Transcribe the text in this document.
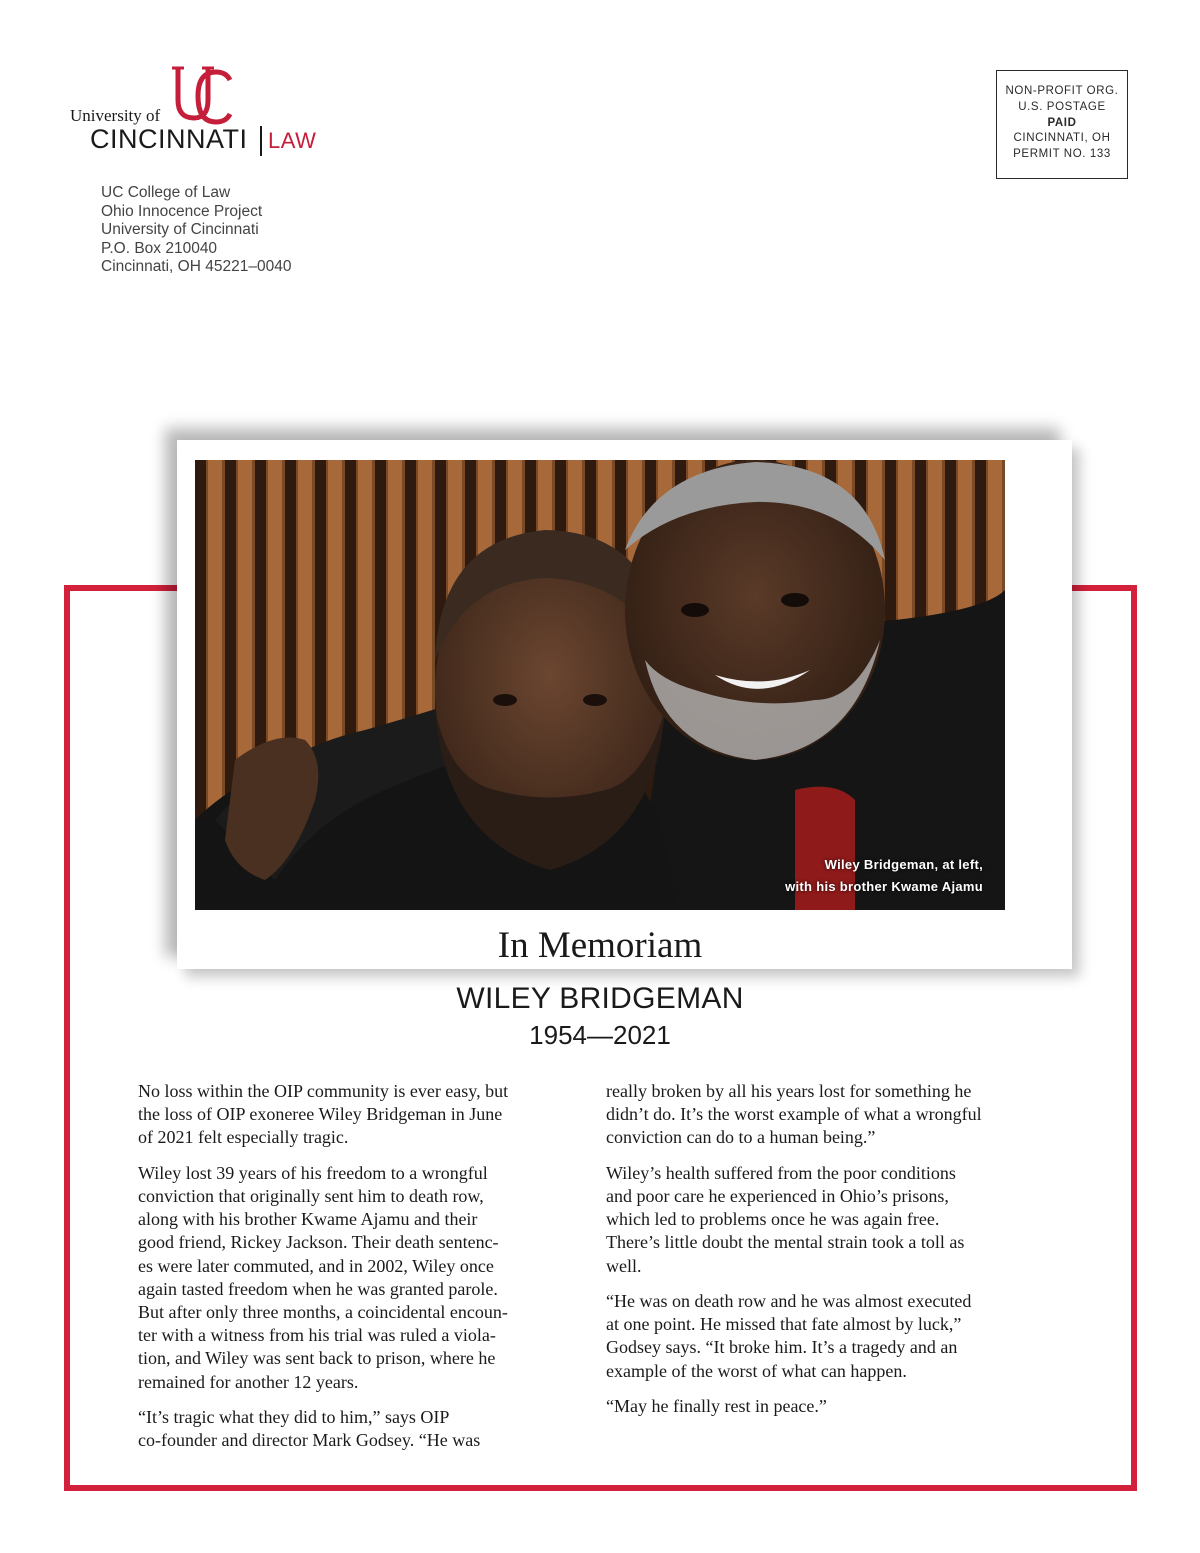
University of
CINCINNATI LAW
UC College of Law
Ohio Innocence Project
University of Cincinnati
P.O. Box 210040
Cincinnati, OH 45221–0040
NON-PROFIT ORG.
U.S. POSTAGE
PAID
CINCINNATI, OH
PERMIT NO. 133
Wiley Bridgeman, at left,
with his brother Kwame Ajamu
In Memoriam
WILEY BRIDGEMAN
1954—2021

No loss within the OIP community is ever easy, but
the loss of OIP exoneree Wiley Bridgeman in June
of 2021 felt especially tragic.

Wiley lost 39 years of his freedom to a wrongful
conviction that originally sent him to death row,
along with his brother Kwame Ajamu and their
good friend, Rickey Jackson. Their death sentenc-
es were later commuted, and in 2002, Wiley once
again tasted freedom when he was granted parole.
But after only three months, a coincidental encoun-
ter with a witness from his trial was ruled a viola-
tion, and Wiley was sent back to prison, where he
remained for another 12 years.

“It’s tragic what they did to him,” says OIP
co-founder and director Mark Godsey. “He was

really broken by all his years lost for something he
didn’t do. It’s the worst example of what a wrongful
conviction can do to a human being.”

Wiley’s health suffered from the poor conditions
and poor care he experienced in Ohio’s prisons,
which led to problems once he was again free.
There’s little doubt the mental strain took a toll as
well.

“He was on death row and he was almost executed
at one point. He missed that fate almost by luck,”
Godsey says. “It broke him. It’s a tragedy and an
example of the worst of what can happen.

“May he finally rest in peace.”
